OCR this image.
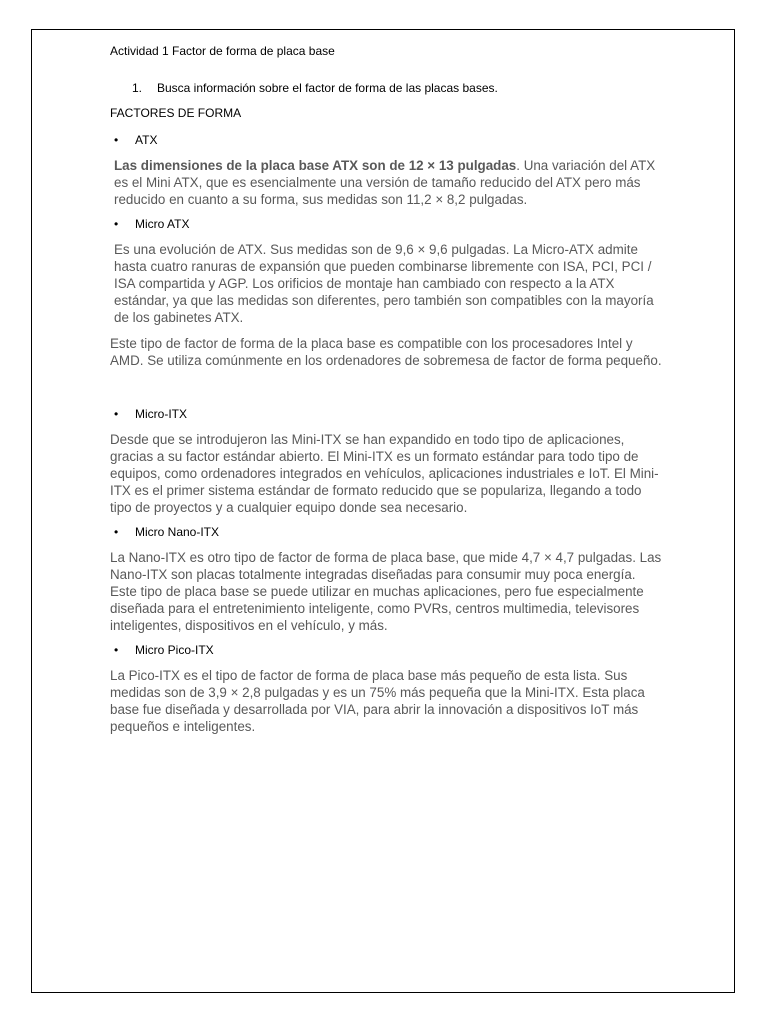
Actividad 1 Factor de forma de placa base
1.	Busca información sobre el factor de forma de las placas bases.
FACTORES DE FORMA
• ATX
Las dimensiones de la placa base ATX son de 12 × 13 pulgadas. Una variación del ATX es el Mini ATX, que es esencialmente una versión de tamaño reducido del ATX pero más reducido en cuanto a su forma, sus medidas son 11,2 × 8,2 pulgadas.
• Micro ATX
Es una evolución de ATX. Sus medidas son de 9,6 × 9,6 pulgadas. La Micro-ATX admite hasta cuatro ranuras de expansión que pueden combinarse libremente con ISA, PCI, PCI / ISA compartida y AGP. Los orificios de montaje han cambiado con respecto a la ATX estándar, ya que las medidas son diferentes, pero también son compatibles con la mayoría de los gabinetes ATX.
Este tipo de factor de forma de la placa base es compatible con los procesadores Intel y AMD. Se utiliza comúnmente en los ordenadores de sobremesa de factor de forma pequeño.
• Micro-ITX
Desde que se introdujeron las Mini-ITX se han expandido en todo tipo de aplicaciones, gracias a su factor estándar abierto. El Mini-ITX es un formato estándar para todo tipo de equipos, como ordenadores integrados en vehículos, aplicaciones industriales e IoT. El Mini-ITX es el primer sistema estándar de formato reducido que se populariza, llegando a todo tipo de proyectos y a cualquier equipo donde sea necesario.
• Micro Nano-ITX
La Nano-ITX es otro tipo de factor de forma de placa base, que mide 4,7 × 4,7 pulgadas. Las Nano-ITX son placas totalmente integradas diseñadas para consumir muy poca energía. Este tipo de placa base se puede utilizar en muchas aplicaciones, pero fue especialmente diseñada para el entretenimiento inteligente, como PVRs, centros multimedia, televisores inteligentes, dispositivos en el vehículo, y más.
• Micro Pico-ITX
La Pico-ITX es el tipo de factor de forma de placa base más pequeño de esta lista. Sus medidas son de 3,9 × 2,8 pulgadas y es un 75% más pequeña que la Mini-ITX. Esta placa base fue diseñada y desarrollada por VIA, para abrir la innovación a dispositivos IoT más pequeños e inteligentes.
